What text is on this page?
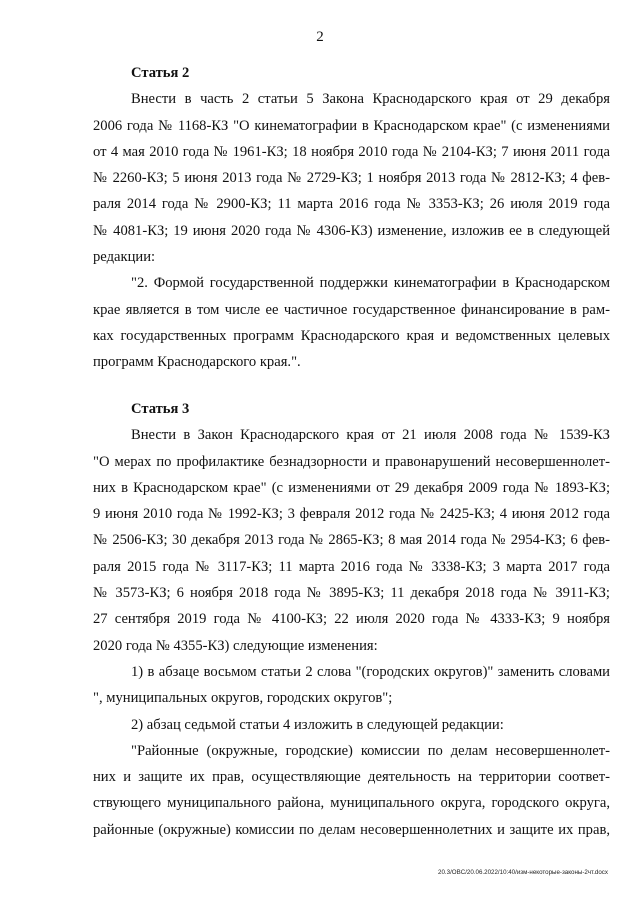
2
Статья 2
Внести в часть 2 статьи 5 Закона Краснодарского края от 29 декабря
2006 года № 1168-КЗ "О кинематографии в Краснодарском крае" (с изменениями
от 4 мая 2010 года № 1961-КЗ; 18 ноября 2010 года № 2104-КЗ; 7 июня 2011 года
№ 2260-КЗ; 5 июня 2013 года № 2729-КЗ; 1 ноября 2013 года № 2812-КЗ; 4 фев-
раля 2014 года № 2900-КЗ; 11 марта 2016 года № 3353-КЗ; 26 июля 2019 года
№ 4081-КЗ; 19 июня 2020 года № 4306-КЗ) изменение, изложив ее в следующей
редакции:
"2. Формой государственной поддержки кинематографии в Краснодарском
крае является в том числе ее частичное государственное финансирование в рам-
ках государственных программ Краснодарского края и ведомственных целевых
программ Краснодарского края.".
Статья 3
Внести в Закон Краснодарского края от 21 июля 2008 года № 1539-КЗ
"О мерах по профилактике безнадзорности и правонарушений несовершеннолет-
них в Краснодарском крае" (с изменениями от 29 декабря 2009 года № 1893-КЗ;
9 июня 2010 года № 1992-КЗ; 3 февраля 2012 года № 2425-КЗ; 4 июня 2012 года
№ 2506-КЗ; 30 декабря 2013 года № 2865-КЗ; 8 мая 2014 года № 2954-КЗ; 6 фев-
раля 2015 года № 3117-КЗ; 11 марта 2016 года № 3338-КЗ; 3 марта 2017 года
№ 3573-КЗ; 6 ноября 2018 года № 3895-КЗ; 11 декабря 2018 года № 3911-КЗ;
27 сентября 2019 года № 4100-КЗ; 22 июля 2020 года № 4333-КЗ; 9 ноября
2020 года № 4355-КЗ) следующие изменения:
1) в абзаце восьмом статьи 2 слова "(городских округов)" заменить словами
", муниципальных округов, городских округов";
2) абзац седьмой статьи 4 изложить в следующей редакции:
"Районные (окружные, городские) комиссии по делам несовершеннолет-
них и защите их прав, осуществляющие деятельность на территории соответ-
ствующего муниципального района, муниципального округа, городского округа,
районные (окружные) комиссии по делам несовершеннолетних и защите их прав,
20.3/OBC/20.06.2022/10:40/изм-некоторые-законы-2чт.docx
